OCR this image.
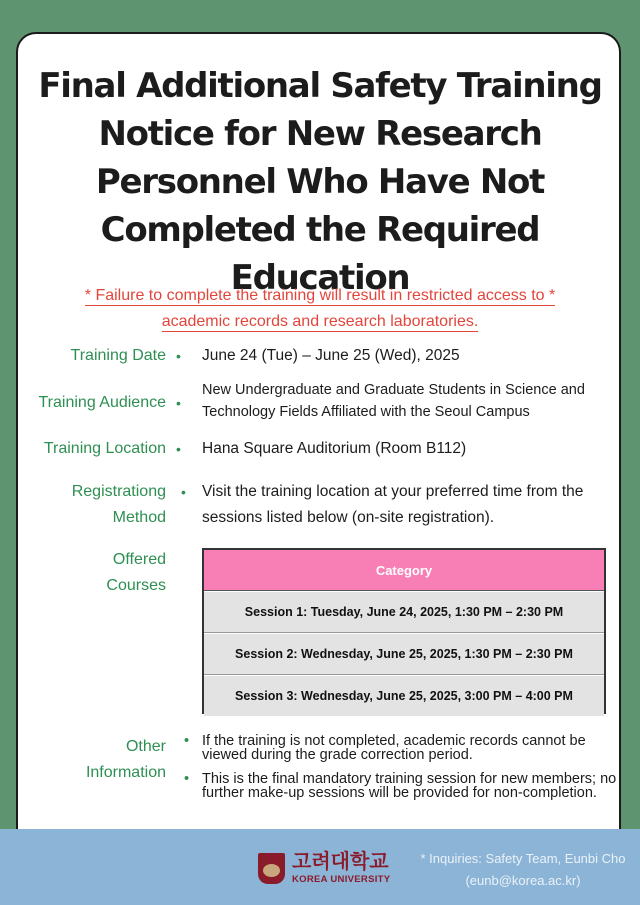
Final Additional Safety Training Notice for New Research Personnel Who Have Not Completed the Required Education
* Failure to complete the training will result in restricted access to *
academic records and research laboratories.
Training Date • June 24 (Tue) – June 25 (Wed), 2025
Training Audience •
New Undergraduate and Graduate Students in Science and Technology Fields Affiliated with the Seoul Campus
Training Location • Hana Square Auditorium (Room B112)
Registrationg
Method
• Visit the training location at your preferred time from the sessions listed below (on-site registration).
Offered
Courses
Category
Session 1: Tuesday, June 24, 2025, 1:30 PM – 2:30 PM
Session 2: Wednesday, June 25, 2025, 1:30 PM – 2:30 PM
Session 3: Wednesday, June 25, 2025, 3:00 PM – 4:00 PM
Other
Information
• If the training is not completed, academic records cannot be viewed during the grade correction period.
• This is the final mandatory training session for new members; no further make-up sessions will be provided for non-completion.
고려대학교
KOREA UNIVERSITY
* Inquiries: Safety Team, Eunbi Cho
(eunb@korea.ac.kr)
